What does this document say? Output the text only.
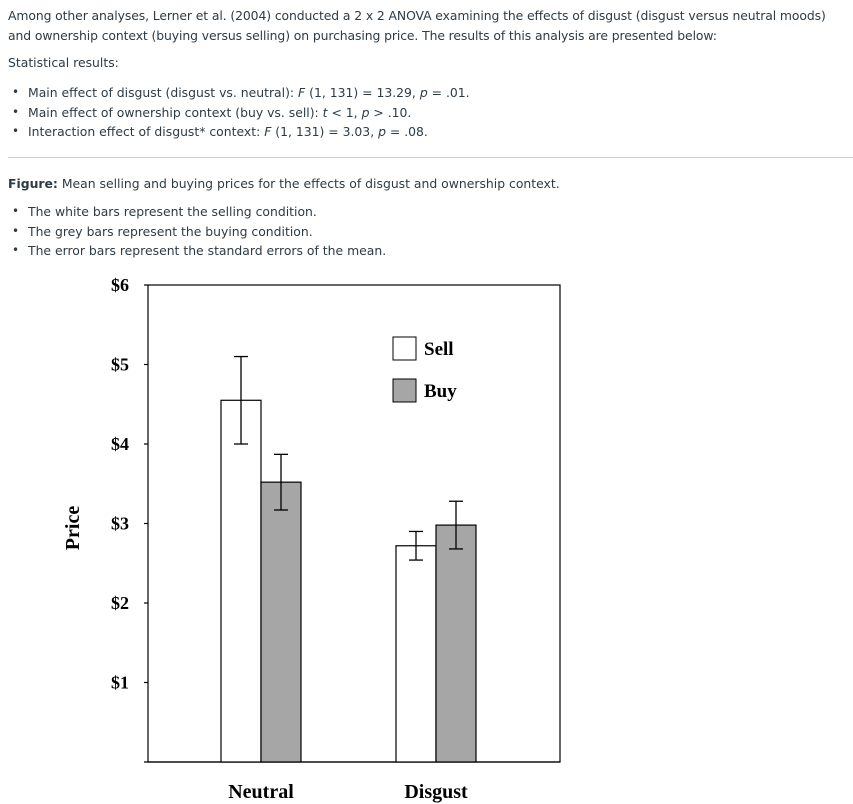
Among other analyses, Lerner et al. (2004) conducted a 2 x 2 ANOVA examining the effects of disgust (disgust versus neutral moods) and ownership context (buying versus selling) on purchasing price. The results of this analysis are presented below:

Statistical results:

• Main effect of disgust (disgust vs. neutral): F (1, 131) = 13.29, p = .01.
• Main effect of ownership context (buy vs. sell): t < 1, p > .10.
• Interaction effect of disgust* context: F (1, 131) = 3.03, p = .08.

Figure: Mean selling and buying prices for the effects of disgust and ownership context.

• The white bars represent the selling condition.
• The grey bars represent the buying condition.
• The error bars represent the standard errors of the mean.
$1
$2
$3
$4
$5
$6
Price
Neutral	Disgust
Sell
Buy
